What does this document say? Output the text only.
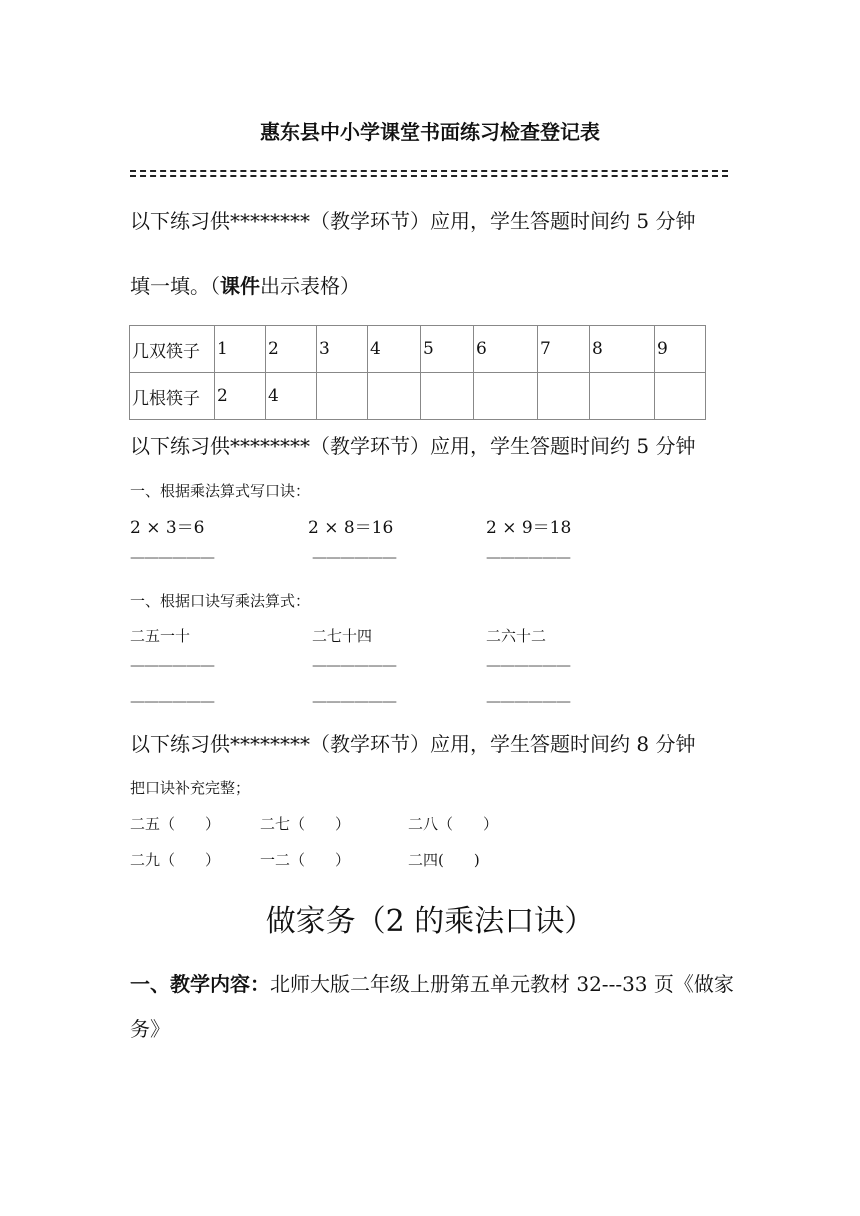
惠东县中小学课堂书面练习检查登记表
以下练习供********（教学环节）应用，学生答题时间约 5 分钟
填一填。（课件出示表格）
几双筷子	1	2	3	4	5	6	7	8	9
几根筷子	2	4							
以下练习供********（教学环节）应用，学生答题时间约 5 分钟
一、根据乘法算式写口诀：
2 × 3＝6	2 × 8＝16	2 × 9＝18
——————	——————	——————
一、根据口诀写乘法算式：
二五一十	二七十四	二六十二
——————	——————	——————
——————	——————	——————
以下练习供********（教学环节）应用，学生答题时间约 8 分钟
把口诀补充完整；
二五（　　）	二七（　　）	二八（　　）
二九（　　）	一二（　　）	二四(　　)
做家务（2 的乘法口诀）
一、教学内容：北师大版二年级上册第五单元教材 32---33 页《做家
务》
